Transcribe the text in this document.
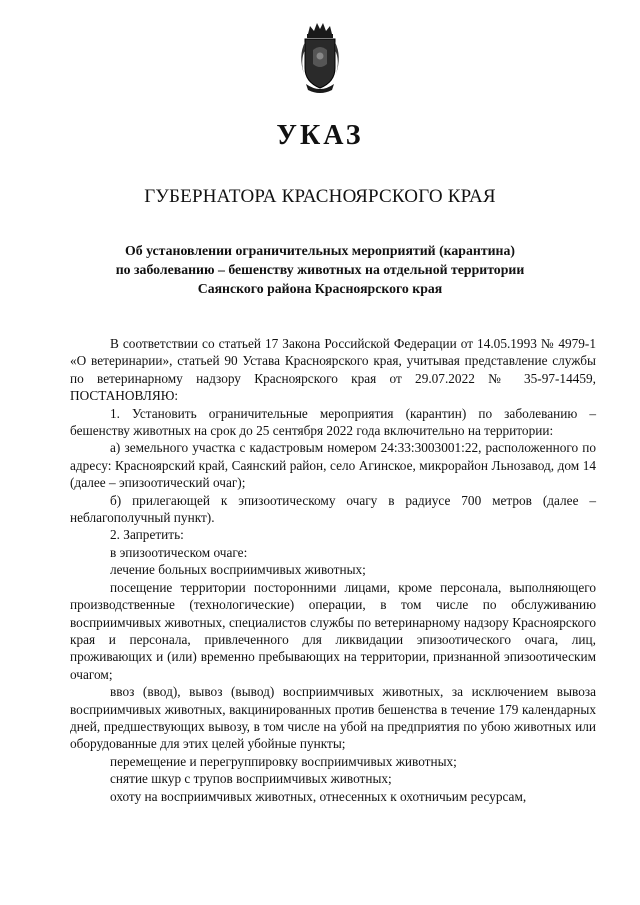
УКАЗ
ГУБЕРНАТОРА КРАСНОЯРСКОГО КРАЯ
Об установлении ограничительных мероприятий (карантина)
по заболеванию – бешенству животных на отдельной территории
Саянского района Красноярского края

В соответствии со статьей 17 Закона Российской Федерации от 14.05.1993 № 4979-1 «О ветеринарии», статьей 90 Устава Красноярского края, учитывая представление службы по ветеринарному надзору Красноярского края от 29.07.2022 № 35-97-14459, ПОСТАНОВЛЯЮ:

1. Установить ограничительные мероприятия (карантин) по заболеванию – бешенству животных на срок до 25 сентября 2022 года включительно на территории:

а) земельного участка с кадастровым номером 24:33:3003001:22, расположенного по адресу: Красноярский край, Саянский район, село Агинское, микрорайон Льнозавод, дом 14 (далее – эпизоотический очаг);

б) прилегающей к эпизоотическому очагу в радиусе 700 метров (далее – неблагополучный пункт).

2. Запретить:

в эпизоотическом очаге:

лечение больных восприимчивых животных;

посещение территории посторонними лицами, кроме персонала, выполняющего производственные (технологические) операции, в том числе по обслуживанию восприимчивых животных, специалистов службы по ветеринарному надзору Красноярского края и персонала, привлеченного для ликвидации эпизоотического очага, лиц, проживающих и (или) временно пребывающих на территории, признанной эпизоотическим очагом;

ввоз (ввод), вывоз (вывод) восприимчивых животных, за исключением вывоза восприимчивых животных, вакцинированных против бешенства в течение 179 календарных дней, предшествующих вывозу, в том числе на убой на предприятия по убою животных или оборудованные для этих целей убойные пункты;

перемещение и перегруппировку восприимчивых животных;

снятие шкур с трупов восприимчивых животных;

охоту на восприимчивых животных, отнесенных к охотничьим ресурсам,
